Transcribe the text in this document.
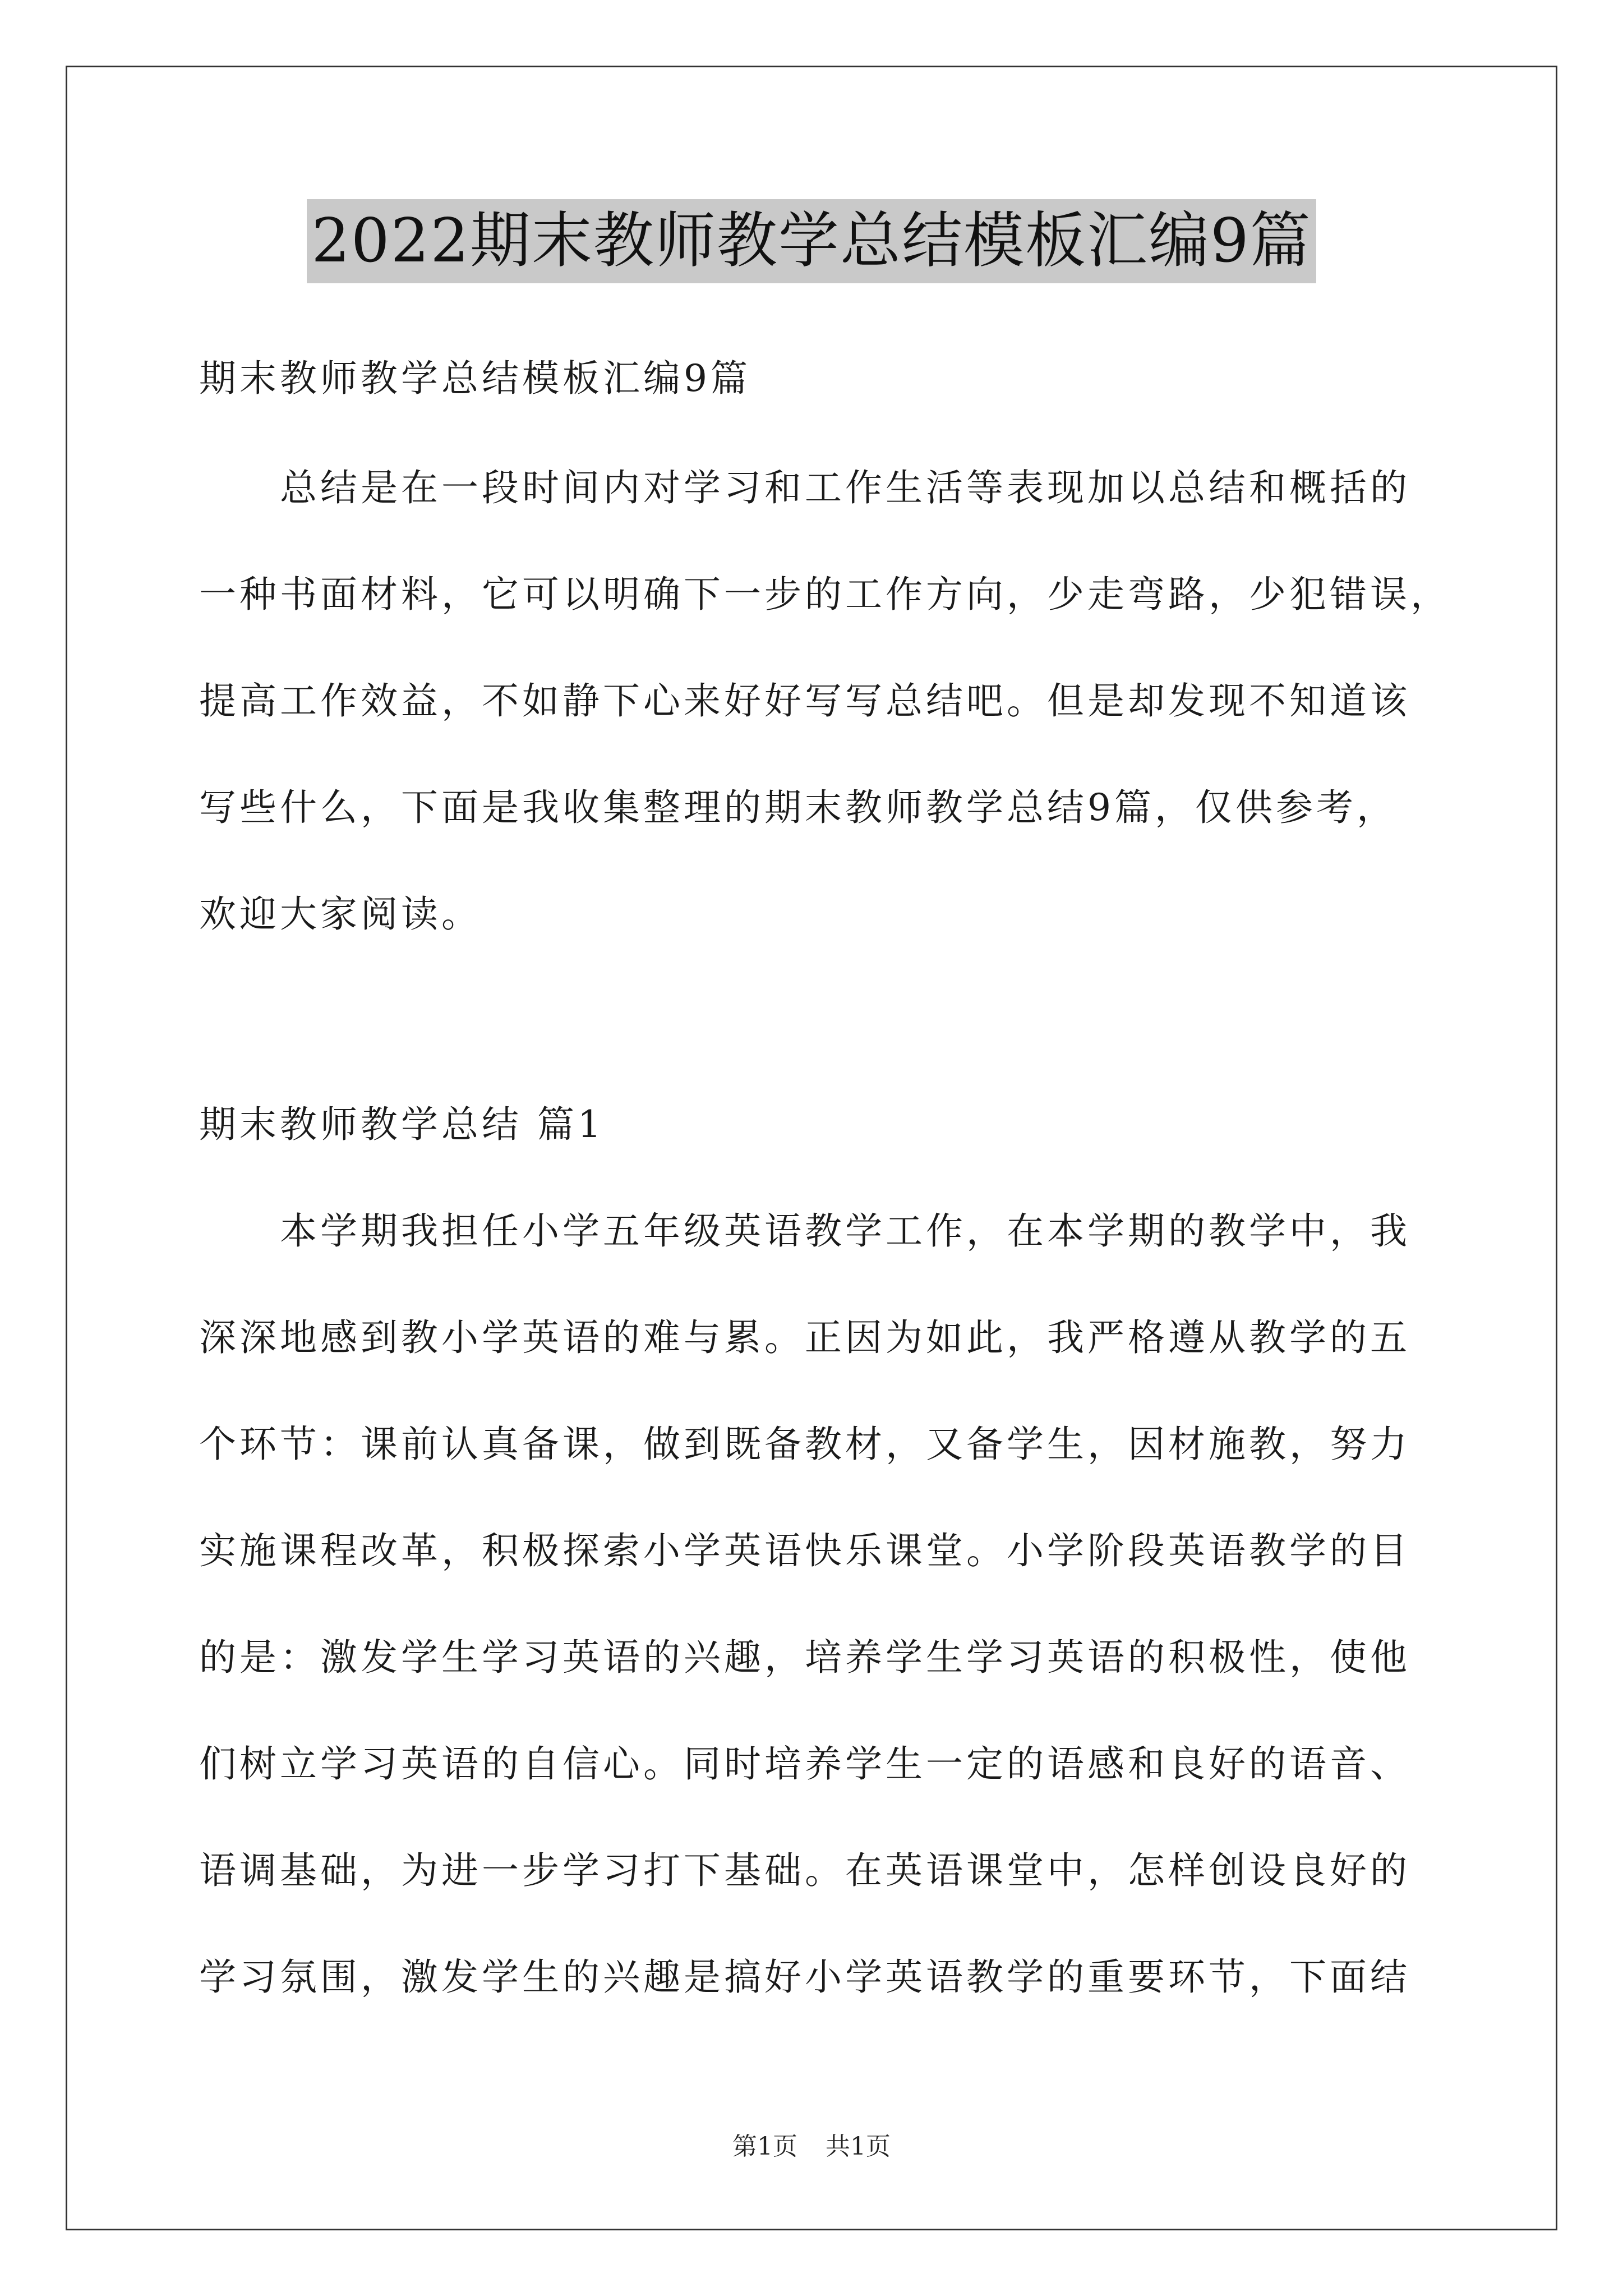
2022期末教师教学总结模板汇编9篇
期末教师教学总结模板汇编9篇
　　总结是在一段时间内对学习和工作生活等表现加以总结和概括的
一种书面材料，它可以明确下一步的工作方向，少走弯路，少犯错误，
提高工作效益，不如静下心来好好写写总结吧。但是却发现不知道该
写些什么，下面是我收集整理的期末教师教学总结9篇，仅供参考，
欢迎大家阅读。
期末教师教学总结 篇1
　　本学期我担任小学五年级英语教学工作，在本学期的教学中，我
深深地感到教小学英语的难与累。正因为如此，我严格遵从教学的五
个环节：课前认真备课，做到既备教材，又备学生，因材施教，努力
实施课程改革，积极探索小学英语快乐课堂。小学阶段英语教学的目
的是：激发学生学习英语的兴趣，培养学生学习英语的积极性，使他
们树立学习英语的自信心。同时培养学生一定的语感和良好的语音、
语调基础，为进一步学习打下基础。在英语课堂中，怎样创设良好的
学习氛围，激发学生的兴趣是搞好小学英语教学的重要环节，下面结
第1页 共1页
